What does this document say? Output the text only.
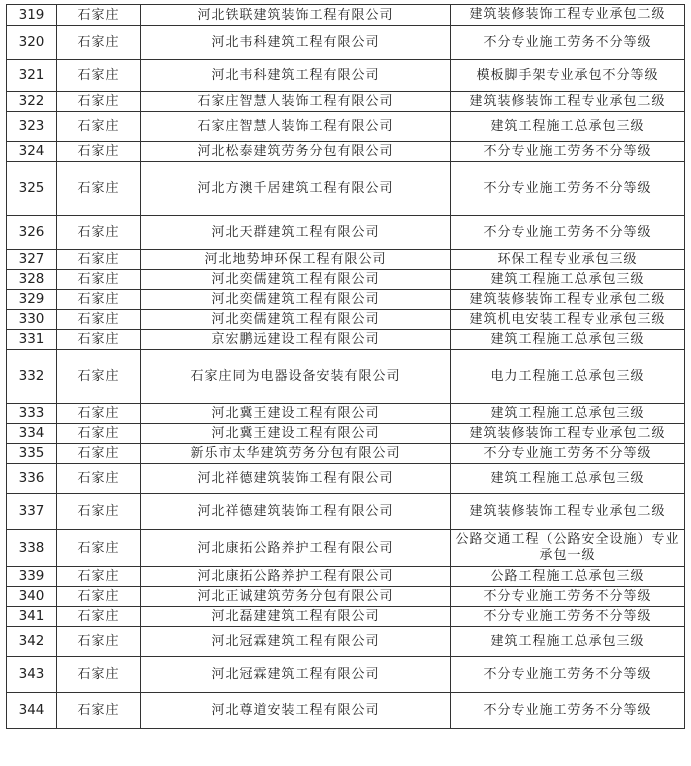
319	石家庄	河北铁联建筑装饰工程有限公司	建筑装修装饰工程专业承包二级
320	石家庄	河北韦科建筑工程有限公司	不分专业施工劳务不分等级
321	石家庄	河北韦科建筑工程有限公司	模板脚手架专业承包不分等级
322	石家庄	石家庄智慧人装饰工程有限公司	建筑装修装饰工程专业承包二级
323	石家庄	石家庄智慧人装饰工程有限公司	建筑工程施工总承包三级
324	石家庄	河北松泰建筑劳务分包有限公司	不分专业施工劳务不分等级
325	石家庄	河北方澳千居建筑工程有限公司	不分专业施工劳务不分等级
326	石家庄	河北天群建筑工程有限公司	不分专业施工劳务不分等级
327	石家庄	河北地势坤环保工程有限公司	环保工程专业承包三级
328	石家庄	河北奕儒建筑工程有限公司	建筑工程施工总承包三级
329	石家庄	河北奕儒建筑工程有限公司	建筑装修装饰工程专业承包二级
330	石家庄	河北奕儒建筑工程有限公司	建筑机电安装工程专业承包三级
331	石家庄	京宏鹏远建设工程有限公司	建筑工程施工总承包三级
332	石家庄	石家庄同为电器设备安装有限公司	电力工程施工总承包三级
333	石家庄	河北冀王建设工程有限公司	建筑工程施工总承包三级
334	石家庄	河北冀王建设工程有限公司	建筑装修装饰工程专业承包二级
335	石家庄	新乐市太华建筑劳务分包有限公司	不分专业施工劳务不分等级
336	石家庄	河北祥德建筑装饰工程有限公司	建筑工程施工总承包三级
337	石家庄	河北祥德建筑装饰工程有限公司	建筑装修装饰工程专业承包二级
338	石家庄	河北康拓公路养护工程有限公司	公路交通工程（公路安全设施）专业承包一级
339	石家庄	河北康拓公路养护工程有限公司	公路工程施工总承包三级
340	石家庄	河北正诚建筑劳务分包有限公司	不分专业施工劳务不分等级
341	石家庄	河北磊建建筑工程有限公司	不分专业施工劳务不分等级
342	石家庄	河北冠霖建筑工程有限公司	建筑工程施工总承包三级
343	石家庄	河北冠霖建筑工程有限公司	不分专业施工劳务不分等级
344	石家庄	河北尊道安装工程有限公司	不分专业施工劳务不分等级
